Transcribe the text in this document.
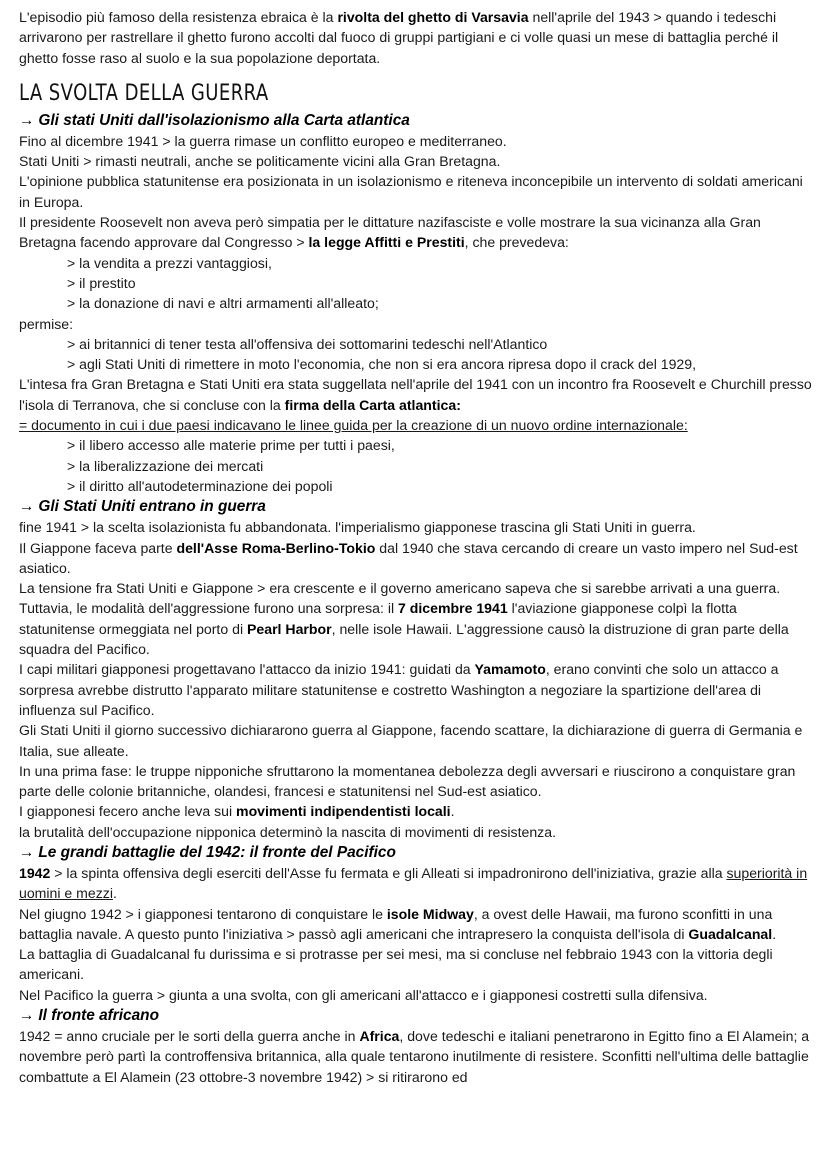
L'episodio più famoso della resistenza ebraica è la rivolta del ghetto di Varsavia nell'aprile del 1943 > quando i tedeschi arrivarono per rastrellare il ghetto furono accolti dal fuoco di gruppi partigiani e ci volle quasi un mese di battaglia perché il ghetto fosse raso al suolo e la sua popolazione deportata.

LA SVOLTA DELLA GUERRA

→ Gli stati Uniti dall'isolazionismo alla Carta atlantica

Fino al dicembre 1941 > la guerra rimase un conflitto europeo e mediterraneo.

Stati Uniti > rimasti neutrali, anche se politicamente vicini alla Gran Bretagna.

L'opinione pubblica statunitense era posizionata in un isolazionismo e riteneva inconcepibile un intervento di soldati americani in Europa.

Il presidente Roosevelt non aveva però simpatia per le dittature nazifasciste e volle mostrare la sua vicinanza alla Gran Bretagna facendo approvare dal Congresso > la legge Affitti e Prestiti, che prevedeva:

> la vendita a prezzi vantaggiosi,

> il prestito

> la donazione di navi e altri armamenti all'alleato;

permise:

> ai britannici di tener testa all'offensiva dei sottomarini tedeschi nell'Atlantico

> agli Stati Uniti di rimettere in moto l'economia, che non si era ancora ripresa dopo il crack del 1929,

L'intesa fra Gran Bretagna e Stati Uniti era stata suggellata nell'aprile del 1941 con un incontro fra Roosevelt e Churchill presso l'isola di Terranova, che si concluse con la firma della Carta atlantica:

= documento in cui i due paesi indicavano le linee guida per la creazione di un nuovo ordine internazionale:

> il libero accesso alle materie prime per tutti i paesi,

> la liberalizzazione dei mercati

> il diritto all'autodeterminazione dei popoli

→ Gli Stati Uniti entrano in guerra

fine 1941 > la scelta isolazionista fu abbandonata. l'imperialismo giapponese trascina gli Stati Uniti in guerra.

Il Giappone faceva parte dell'Asse Roma-Berlino-Tokio dal 1940 che stava cercando di creare un vasto impero nel Sud-est asiatico.

La tensione fra Stati Uniti e Giappone > era crescente e il governo americano sapeva che si sarebbe arrivati a una guerra.

Tuttavia, le modalità dell'aggressione furono una sorpresa: il 7 dicembre 1941 l'aviazione giapponese colpì la flotta statunitense ormeggiata nel porto di Pearl Harbor, nelle isole Hawaii. L'aggressione causò la distruzione di gran parte della squadra del Pacifico.

I capi militari giapponesi progettavano l'attacco da inizio 1941: guidati da Yamamoto, erano convinti che solo un attacco a sorpresa avrebbe distrutto l'apparato militare statunitense e costretto Washington a negoziare la spartizione dell'area di influenza sul Pacifico.

Gli Stati Uniti il giorno successivo dichiararono guerra al Giappone, facendo scattare, la dichiarazione di guerra di Germania e Italia, sue alleate.

In una prima fase: le truppe nipponiche sfruttarono la momentanea debolezza degli avversari e riuscirono a conquistare gran parte delle colonie britanniche, olandesi, francesi e statunitensi nel Sud-est asiatico.

I giapponesi fecero anche leva sui movimenti indipendentisti locali.

la brutalità dell'occupazione nipponica determinò la nascita di movimenti di resistenza.

→ Le grandi battaglie del 1942: il fronte del Pacifico

1942 > la spinta offensiva degli eserciti dell'Asse fu fermata e gli Alleati si impadronirono dell'iniziativa, grazie alla superiorità in uomini e mezzi.

Nel giugno 1942 > i giapponesi tentarono di conquistare le isole Midway, a ovest delle Hawaii, ma furono sconfitti in una battaglia navale. A questo punto l'iniziativa > passò agli americani che intrapresero la conquista dell'isola di Guadalcanal.

La battaglia di Guadalcanal fu durissima e si protrasse per sei mesi, ma si concluse nel febbraio 1943 con la vittoria degli americani.

Nel Pacifico la guerra > giunta a una svolta, con gli americani all'attacco e i giapponesi costretti sulla difensiva.

→ Il fronte africano

1942 = anno cruciale per le sorti della guerra anche in Africa, dove tedeschi e italiani penetrarono in Egitto fino a El Alamein; a novembre però partì la controffensiva britannica, alla quale tentarono inutilmente di resistere. Sconfitti nell'ultima delle battaglie combattute a El Alamein (23 ottobre-3 novembre 1942) > si ritirarono ed
